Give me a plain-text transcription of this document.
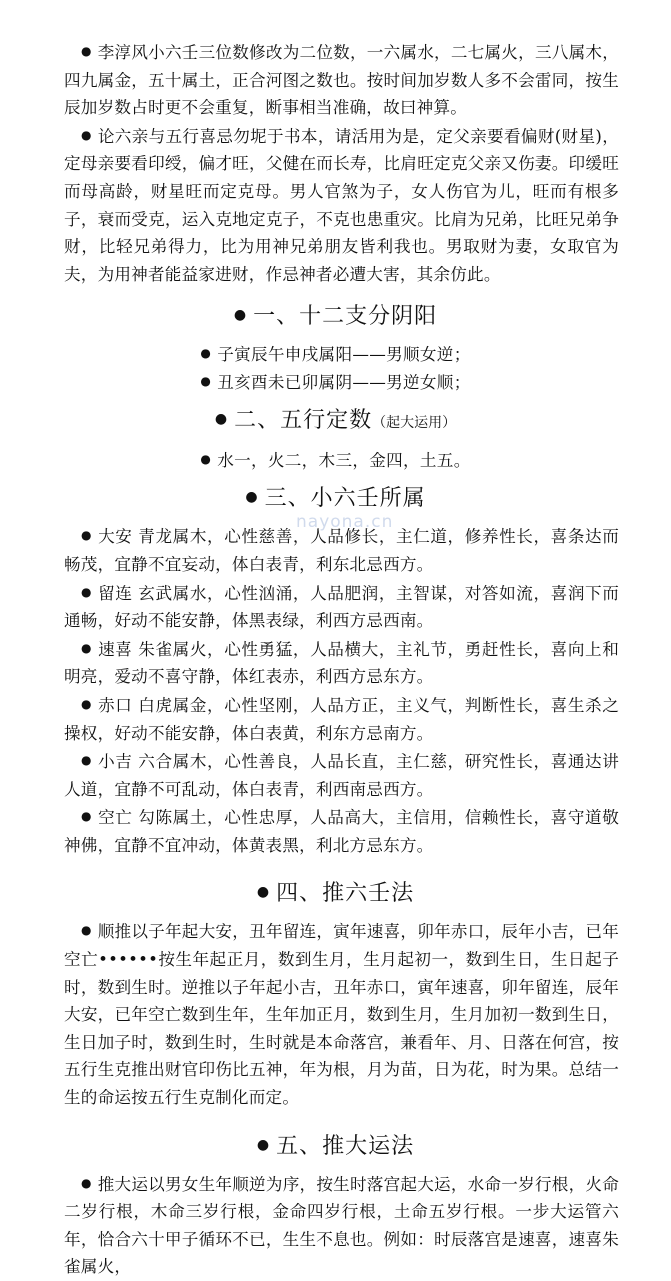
● 李淳风小六壬三位数修改为二位数，一六属水，二七属火，三八属木，四九属金，五十属土，正合河图之数也。按时间加岁数人多不会雷同，按生辰加岁数占时更不会重复，断事相当准确，故曰神算。

● 论六亲与五行喜忌勿坭于书本，请活用为是，定父亲要看偏财(财星)，定母亲要看印绶，偏才旺，父健在而长寿，比肩旺定克父亲又伤妻。印缓旺而母高龄，财星旺而定克母。男人官煞为子，女人伤官为儿，旺而有根多子，衰而受克，运入克地定克子，不克也患重灾。比肩为兄弟，比旺兄弟争财，比轻兄弟得力，比为用神兄弟朋友皆利我也。男取财为妻，女取官为夫，为用神者能益家进财，作忌神者必遭大害，其余仿此。

● 一、十二支分阴阳
● 子寅辰午申戌属阳——男顺女逆；
● 丑亥酉未已卯属阴——男逆女顺；
● 二、五行定数（起大运用）
● 水一，火二，木三，金四，土五。
● 三、小六壬所属

● 大安 青龙属木，心性慈善，人品修长，主仁道，修养性长，喜条达而畅茂，宜静不宜妄动，体白表青，利东北忌西方。

● 留连 玄武属水，心性汹涌，人品肥润，主智谋，对答如流，喜润下而通畅，好动不能安静，体黑表绿，利西方忌西南。

● 速喜 朱雀属火，心性勇猛，人品横大，主礼节，勇赶性长，喜向上和明亮，爱动不喜守静，体红表赤，利西方忌东方。

● 赤口 白虎属金，心性坚刚，人品方正，主义气，判断性长，喜生杀之操权，好动不能安静，体白表黄，利东方忌南方。

● 小吉 六合属木，心性善良，人品长直，主仁慈，研究性长，喜通达讲人道，宜静不可乱动，体白表青，利西南忌西方。

● 空亡 勾陈属土，心性忠厚，人品高大，主信用，信赖性长，喜守道敬神佛，宜静不宜冲动，体黄表黑，利北方忌东方。

● 四、推六壬法

● 顺推以子年起大安，丑年留连，寅年速喜，卯年赤口，辰年小吉，已年空亡••••••按生年起正月，数到生月，生月起初一，数到生日，生日起子时，数到生时。逆推以子年起小吉，丑年赤口，寅年速喜，卯年留连，辰年大安，已年空亡数到生年，生年加正月，数到生月，生月加初一数到生日，生日加子时，数到生时，生时就是本命落宫，兼看年、月、日落在何宫，按五行生克推出财官印伤比五神，年为根，月为苗，日为花，时为果。总结一生的命运按五行生克制化而定。

● 五、推大运法

● 推大运以男女生年顺逆为序，按生时落宫起大运，水命一岁行根，火命二岁行根，木命三岁行根，金命四岁行根，土命五岁行根。一步大运管六年，恰合六十甲子循环不已，生生不息也。例如：时辰落宫是速喜，速喜朱雀属火，

nayona.cn
